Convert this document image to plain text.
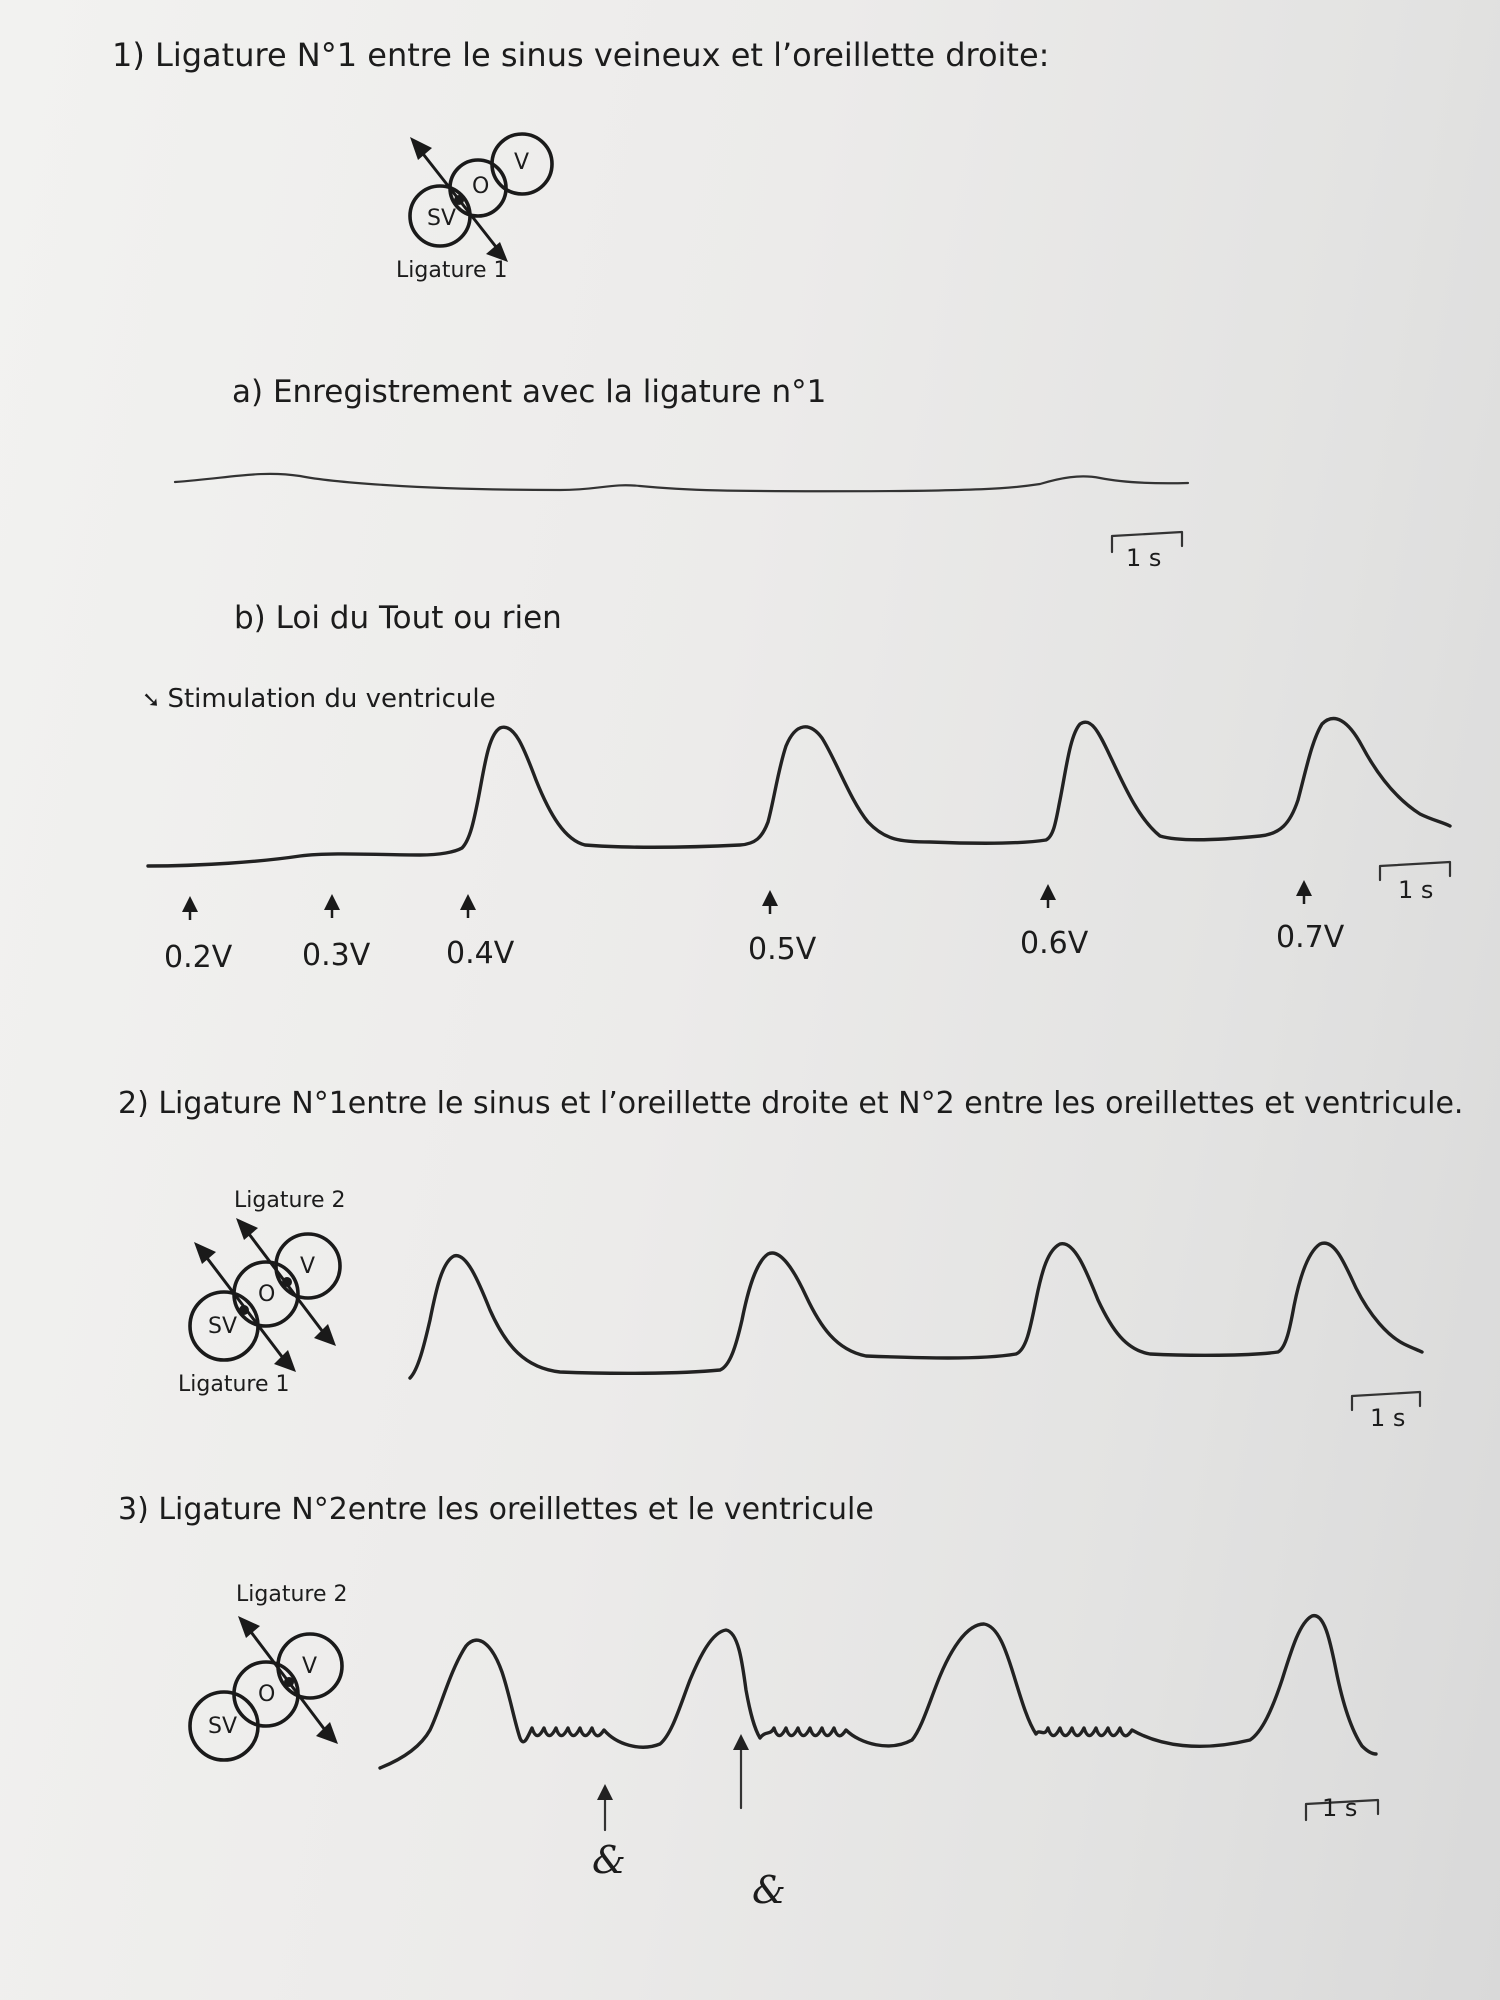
1) Ligature N°1 entre le sinus veineux et l’oreillette droite:
SV
O
V
Ligature 1
a) Enregistrement avec la ligature n°1
1 s
b) Loi du Tout ou rien
➘ Stimulation du ventricule
0.2V 0.3V	0.4V	0.5V	0.6V	0.7V
1 s
2) Ligature N°1entre le sinus et l’oreillette droite et N°2 entre les oreillettes et ventricule.
Ligature 2
SV
O
V
Ligature 1
1 s
3) Ligature N°2entre les oreillettes et le ventricule
Ligature 2
SV
O
V
1 s
&
&
